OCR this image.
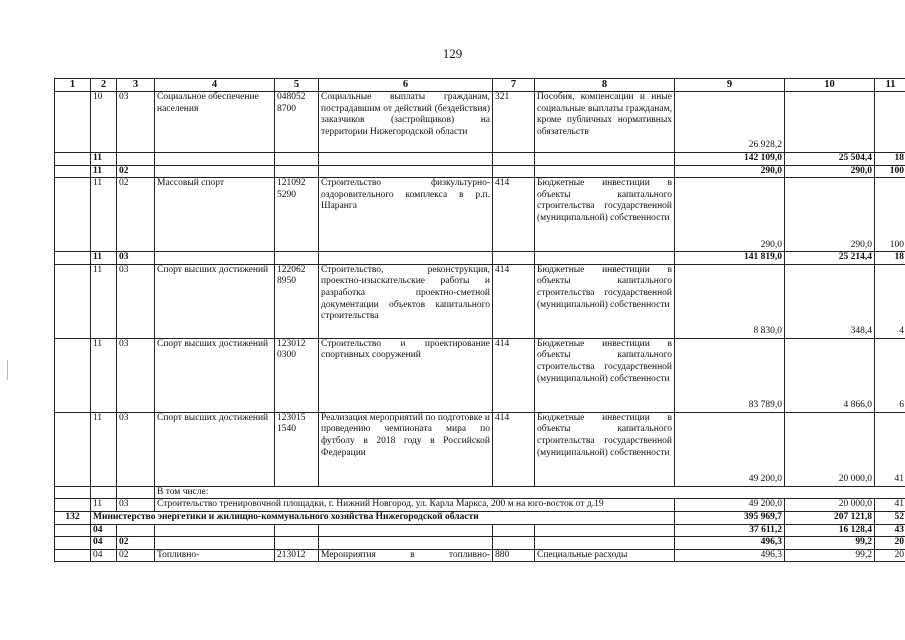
129
1	2	3	4	5	6	7	8	9	10	11
	10	03	Социальное обеспечение населения	048052 8700	Социальные выплаты гражданам, пострадавшим от действий (бездействия) заказчиков (застройщиков) на территории Нижегородской области	321	Пособия, компенсации и иные социальные выплаты гражданам, кроме публичных нормативных обязательств	26 928,2		
	11							142 109,0	25 504,4	18
	11	02						290,0	290,0	100
	11	02	Массовый спорт	121092 5290	Строительство физкультурно-оздоровительного комплекса в р.п. Шаранга	414	Бюджетные инвестиции в объекты капитального строительства государственной (муниципальной) собственности	290,0	290,0	100
	11	03						141 819,0	25 214,4	18
	11	03	Спорт высших достижений	122062 8950	Строительство, реконструкция, проектно-изыскательские работы и разработка проектно-сметной документации объектов капитального строительства	414	Бюджетные инвестиции в объекты капитального строительства государственной (муниципальной) собственности	8 830,0	348,4	4
	11	03	Спорт высших достижений	123012 0300	Строительство и проектирование спортивных сооружений	414	Бюджетные инвестиции в объекты капитального строительства государственной (муниципальной) собственности	83 789,0	4 866,0	6
	11	03	Спорт высших достижений	123015 1540	Реализация мероприятий по подготовке и проведению чемпионата мира по футболу в 2018 году в Российской Федерации	414	Бюджетные инвестиции в объекты капитального строительства государственной (муниципальной) собственности	49 200,0	20 000,0	41
			В том числе:							
	11	03	Строительство тренировочной площадки, г. Нижний Новгород, ул. Карла Маркса, 200 м на юго-восток от д.19					49 200,0	20 000,0	41
132	Министерство энергетики и жилищно-коммунального хозяйства Нижегородской области							395 969,7	207 121,8	52
	04							37 611,2	16 128,4	43
	04	02						496,3	99,2	20
	04	02	Топливно-	213012	Мероприятия в топливно-	880	Специальные расходы	496,3	99,2	20
